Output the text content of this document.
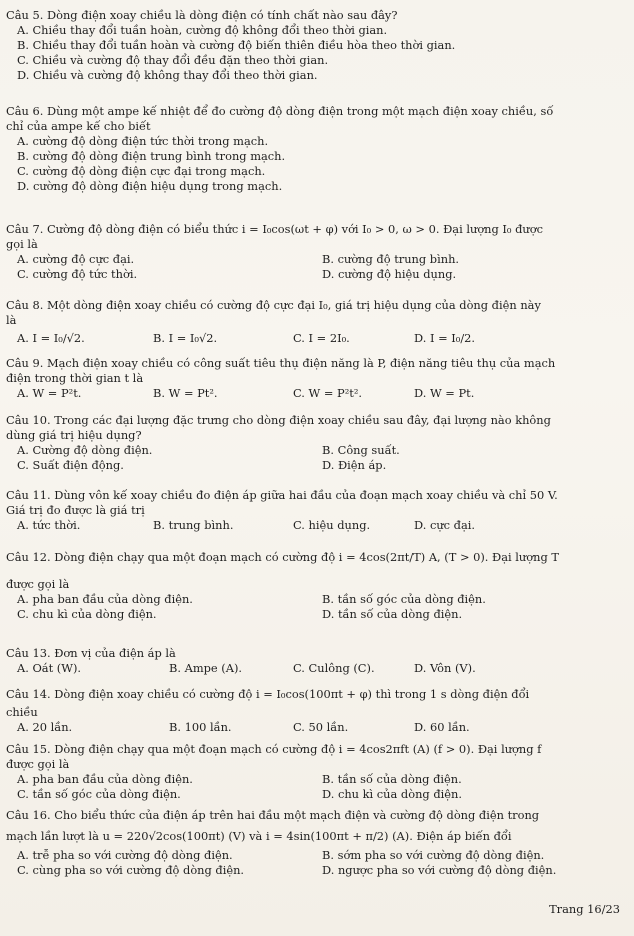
Câu 5. Dòng điện xoay chiều là dòng điện có tính chất nào sau đây?
A. Chiều thay đổi tuần hoàn, cường độ không đổi theo thời gian.
B. Chiều thay đổi tuần hoàn và cường độ biến thiên điều hòa theo thời gian.
C. Chiều và cường độ thay đổi đều đặn theo thời gian.
D. Chiều và cường độ không thay đổi theo thời gian.
Câu 6. Dùng một ampe kế nhiệt để đo cường độ dòng điện trong một mạch điện xoay chiều, số
chỉ của ampe kế cho biết
A. cường độ dòng điện tức thời trong mạch.
B. cường độ dòng điện trung bình trong mạch.
C. cường độ dòng điện cực đại trong mạch.
D. cường độ dòng điện hiệu dụng trong mạch.
Câu 7. Cường độ dòng điện có biểu thức i = I₀cos(ωt + φ) với I₀ > 0, ω > 0. Đại lượng I₀ được
gọi là
A. cường độ cực đại.	B. cường độ trung bình.
C. cường độ tức thời.	D. cường độ hiệu dụng.
Câu 8. Một dòng điện xoay chiều có cường độ cực đại I₀, giá trị hiệu dụng của dòng điện này
là
A. I = I₀/√2.	B. I = I₀√2.	C. I = 2I₀.	D. I = I₀/2.
Câu 9. Mạch điện xoay chiều có công suất tiêu thụ điện năng là P, điện năng tiêu thụ của mạch
điện trong thời gian t là
A. W = P²t.	B. W = Pt².	C. W = P²t².	D. W = Pt.
Câu 10. Trong các đại lượng đặc trưng cho dòng điện xoay chiều sau đây, đại lượng nào không
dùng giá trị hiệu dụng?
A. Cường độ dòng điện.	B. Công suất.
C. Suất điện động.	D. Điện áp.
Câu 11. Dùng vôn kế xoay chiều đo điện áp giữa hai đầu của đoạn mạch xoay chiều và chỉ 50 V.
Giá trị đo được là giá trị
A. tức thời.	B. trung bình.	C. hiệu dụng.	D. cực đại.
Câu 12. Dòng điện chạy qua một đoạn mạch có cường độ i = 4cos(2πt/T) A, (T > 0). Đại lượng T
được gọi là
A. pha ban đầu của dòng điện.	B. tần số góc của dòng điện.
C. chu kì của dòng điện.	D. tần số của dòng điện.
Câu 13. Đơn vị của điện áp là
A. Oát (W).	B. Ampe (A).	C. Culông (C).	D. Vôn (V).
Câu 14. Dòng điện xoay chiều có cường độ i = I₀cos(100πt + φ) thì trong 1 s dòng điện đổi
chiều
A. 20 lần.	B. 100 lần.	C. 50 lần.	D. 60 lần.
Câu 15. Dòng điện chạy qua một đoạn mạch có cường độ i = 4cos2πft (A) (f > 0). Đại lượng f
được gọi là
A. pha ban đầu của dòng điện.	B. tần số của dòng điện.
C. tần số góc của dòng điện.	D. chu kì của dòng điện.
Câu 16. Cho biểu thức của điện áp trên hai đầu một mạch điện và cường độ dòng điện trong
mạch lần lượt là u = 220√2cos(100πt) (V) và i = 4sin(100πt + π/2) (A). Điện áp biến đổi
A. trễ pha so với cường độ dòng điện.	B. sớm pha so với cường độ dòng điện.
C. cùng pha so với cường độ dòng điện.	D. ngược pha so với cường độ dòng điện.
Trang 16/23
